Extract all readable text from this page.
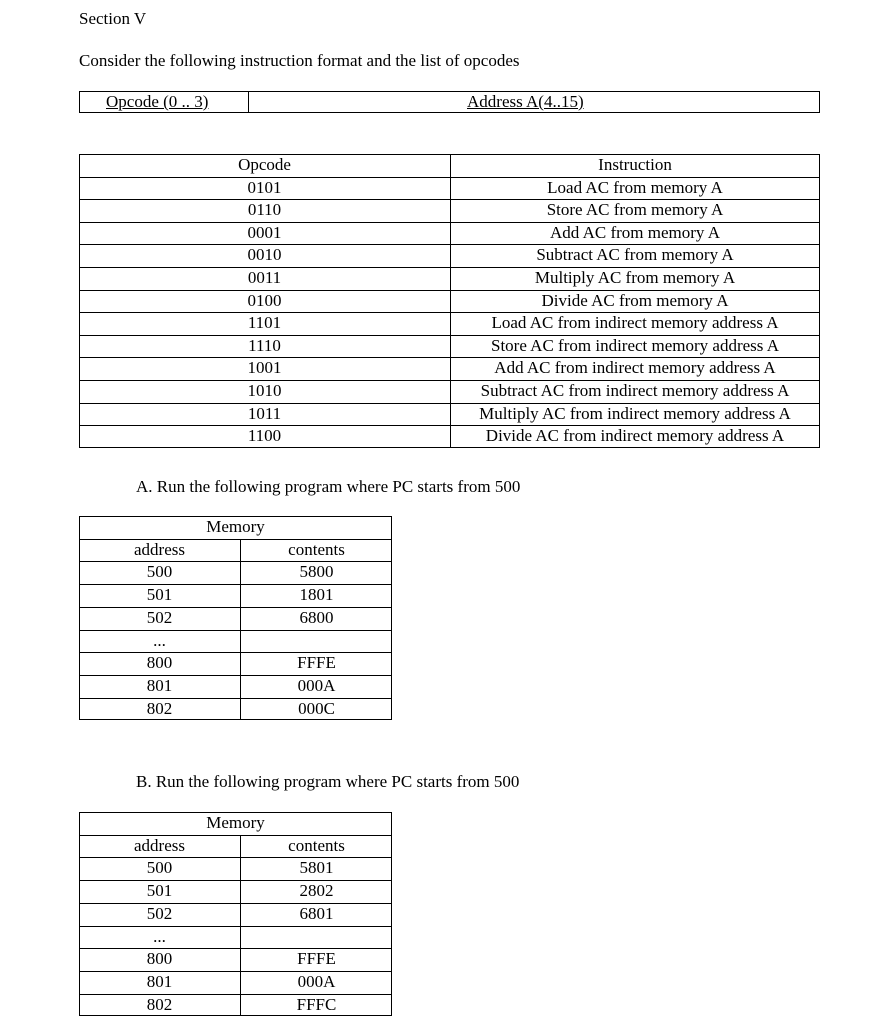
Section V
Consider the following instruction format and the list of opcodes
Opcode (0 .. 3)	Address A(4..15)
Opcode	Instruction
0101	Load AC from memory A
0110	Store AC from memory A
0001	Add AC from memory A
0010	Subtract AC from memory A
0011	Multiply AC from memory A
0100	Divide AC from memory A
1101	Load AC from indirect memory address A
1110	Store AC from indirect memory address A
1001	Add AC from indirect memory address A
1010	Subtract AC from indirect memory address A
1011	Multiply AC from indirect memory address A
1100	Divide AC from indirect memory address A
A. Run the following program where PC starts from 500
Memory
address	contents
500	5800
501	1801
502	6800
...
800	FFFE
801	000A
802	000C
B. Run the following program where PC starts from 500
Memory
address	contents
500	5801
501	2802
502	6801
...
800	FFFE
801	000A
802	FFFC
